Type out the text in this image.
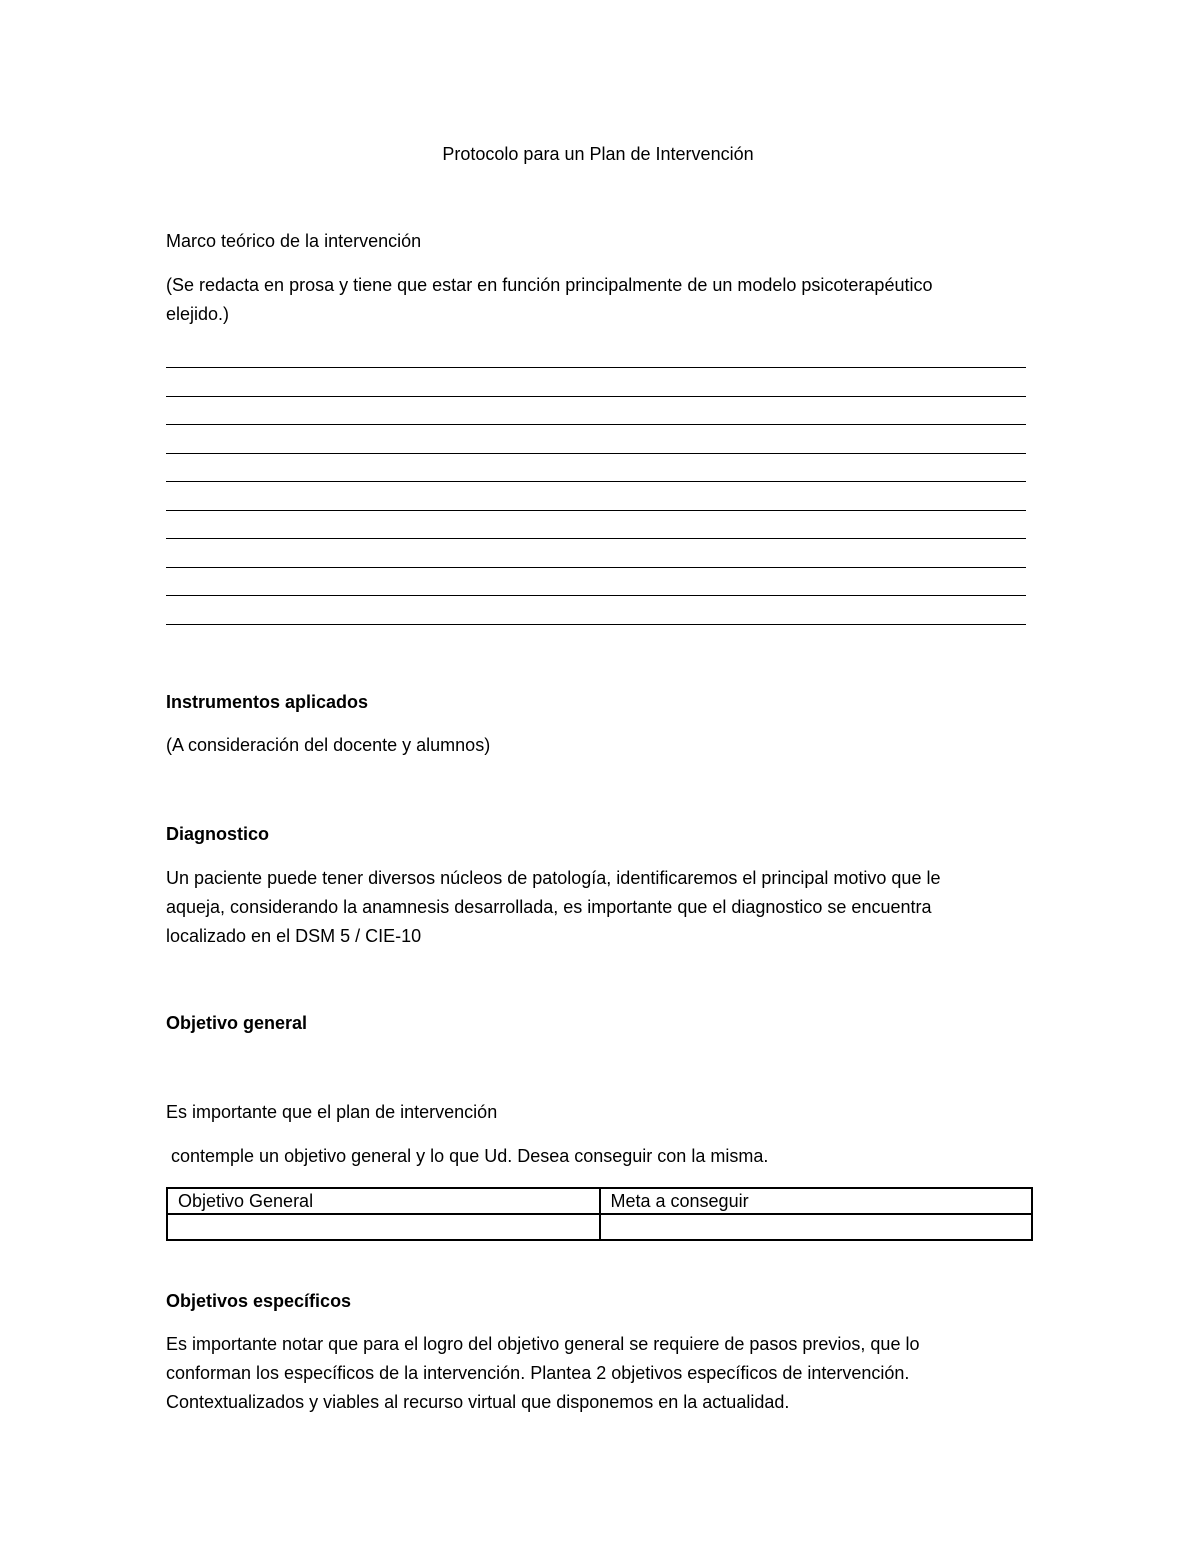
Protocolo para un Plan de Intervención
Marco teórico de la intervención
(Se redacta en prosa y tiene que estar en función principalmente de un modelo psicoterapéutico
elejido.)
Instrumentos aplicados
(A consideración del docente y alumnos)
Diagnostico
Un paciente puede tener diversos núcleos de patología, identificaremos el principal motivo que le
aqueja, considerando la anamnesis desarrollada, es importante que el diagnostico se encuentra
localizado en el DSM 5 / CIE-10
Objetivo general
Es importante que el plan de intervención
contemple un objetivo general y lo que Ud. Desea conseguir con la misma.
Objetivo General	Meta a conseguir

Objetivos específicos
Es importante notar que para el logro del objetivo general se requiere de pasos previos, que lo
conforman los específicos de la intervención. Plantea 2 objetivos específicos de intervención.
Contextualizados y viables al recurso virtual que disponemos en la actualidad.
